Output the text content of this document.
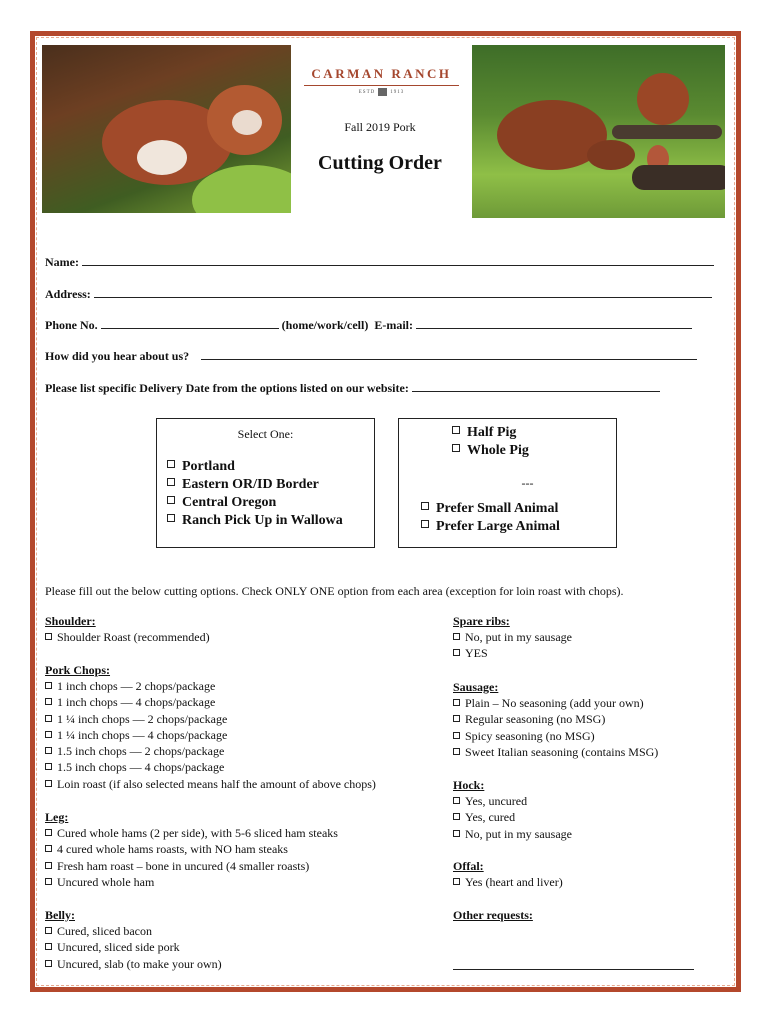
CARMAN RANCH
ESTD	1913
Fall 2019 Pork
Cutting Order
Name:
Address:
Phone No.	(home/work/cell) E-mail:
How did you hear about us?
Please list specific Delivery Date from the options listed on our website:
Select One:
Portland
Eastern OR/ID Border
Central Oregon
Ranch Pick Up in Wallowa
Half Pig
Whole Pig
---
Prefer Small Animal
Prefer Large Animal
Please fill out the below cutting options. Check ONLY ONE option from each area (exception for loin roast with chops).
Shoulder:
Shoulder Roast (recommended)
Pork Chops:
1 inch chops — 2 chops/package
1 inch chops — 4 chops/package
1 ¼ inch chops — 2 chops/package
1 ¼ inch chops — 4 chops/package
1.5 inch chops — 2 chops/package
1.5 inch chops — 4 chops/package
Loin roast (if also selected means half the amount of above chops)
Leg:
Cured whole hams (2 per side), with 5-6 sliced ham steaks
4 cured whole hams roasts, with NO ham steaks
Fresh ham roast – bone in uncured (4 smaller roasts)
Uncured whole ham
Belly:
Cured, sliced bacon
Uncured, sliced side pork
Uncured, slab (to make your own)
Spare ribs:
No, put in my sausage
YES
Sausage:
Plain – No seasoning (add your own)
Regular seasoning (no MSG)
Spicy seasoning (no MSG)
Sweet Italian seasoning (contains MSG)
Hock:
Yes, uncured
Yes, cured
No, put in my sausage
Offal:
Yes (heart and liver)
Other requests:
